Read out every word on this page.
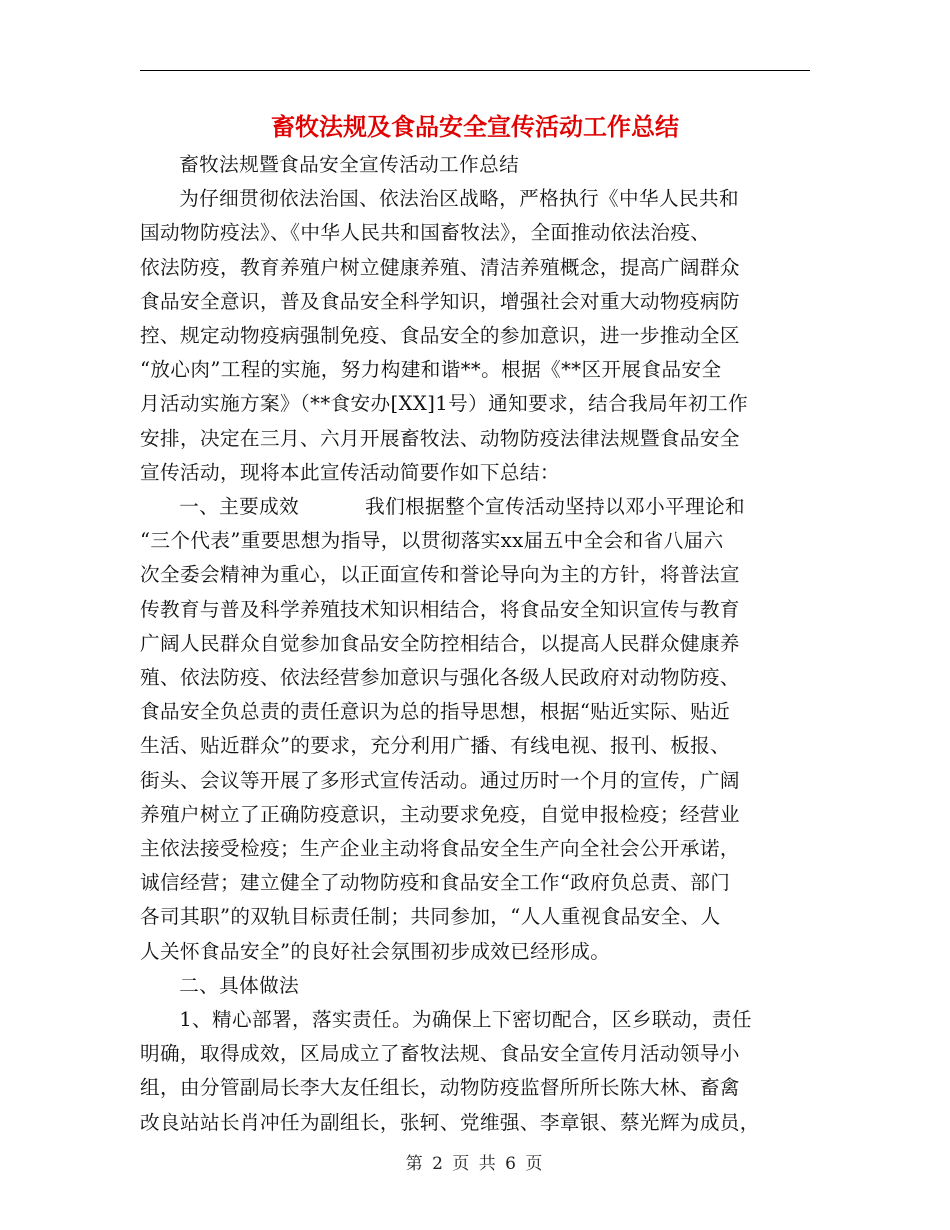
畜牧法规及食品安全宣传活动工作总结
畜牧法规暨食品安全宣传活动工作总结
为仔细贯彻依法治国、依法治区战略，严格执行《中华人民共和
国动物防疫法》、《中华人民共和国畜牧法》，全面推动依法治疫、
依法防疫，教育养殖户树立健康养殖、清洁养殖概念，提高广阔群众
食品安全意识，普及食品安全科学知识，增强社会对重大动物疫病防
控、规定动物疫病强制免疫、食品安全的参加意识，进一步推动全区
“放心肉”工程的实施，努力构建和谐**。根据《**区开展食品安全
月活动实施方案》（**食安办[XX]1号）通知要求，结合我局年初工作
安排，决定在三月、六月开展畜牧法、动物防疫法律法规暨食品安全
宣传活动，现将本此宣传活动简要作如下总结：
一、主要成效	我们根据整个宣传活动坚持以邓小平理论和
“三个代表”重要思想为指导，以贯彻落实xx届五中全会和省八届六
次全委会精神为重心，以正面宣传和誉论导向为主的方针，将普法宣
传教育与普及科学养殖技术知识相结合，将食品安全知识宣传与教育
广阔人民群众自觉参加食品安全防控相结合，以提高人民群众健康养
殖、依法防疫、依法经营参加意识与强化各级人民政府对动物防疫、
食品安全负总责的责任意识为总的指导思想，根据“贴近实际、贴近
生活、贴近群众”的要求，充分利用广播、有线电视、报刊、板报、
街头、会议等开展了多形式宣传活动。通过历时一个月的宣传，广阔
养殖户树立了正确防疫意识，主动要求免疫，自觉申报检疫；经营业
主依法接受检疫；生产企业主动将食品安全生产向全社会公开承诺，
诚信经营；建立健全了动物防疫和食品安全工作“政府负总责、部门
各司其职”的双轨目标责任制；共同参加，“人人重视食品安全、人
人关怀食品安全”的良好社会氛围初步成效已经形成。
二、具体做法
1、精心部署，落实责任。为确保上下密切配合，区乡联动，责任
明确，取得成效，区局成立了畜牧法规、食品安全宣传月活动领导小
组，由分管副局长李大友任组长，动物防疫监督所所长陈大林、畜禽
改良站站长肖冲任为副组长，张轲、党维强、李章银、蔡光辉为成员，
第 2 页 共 6 页
